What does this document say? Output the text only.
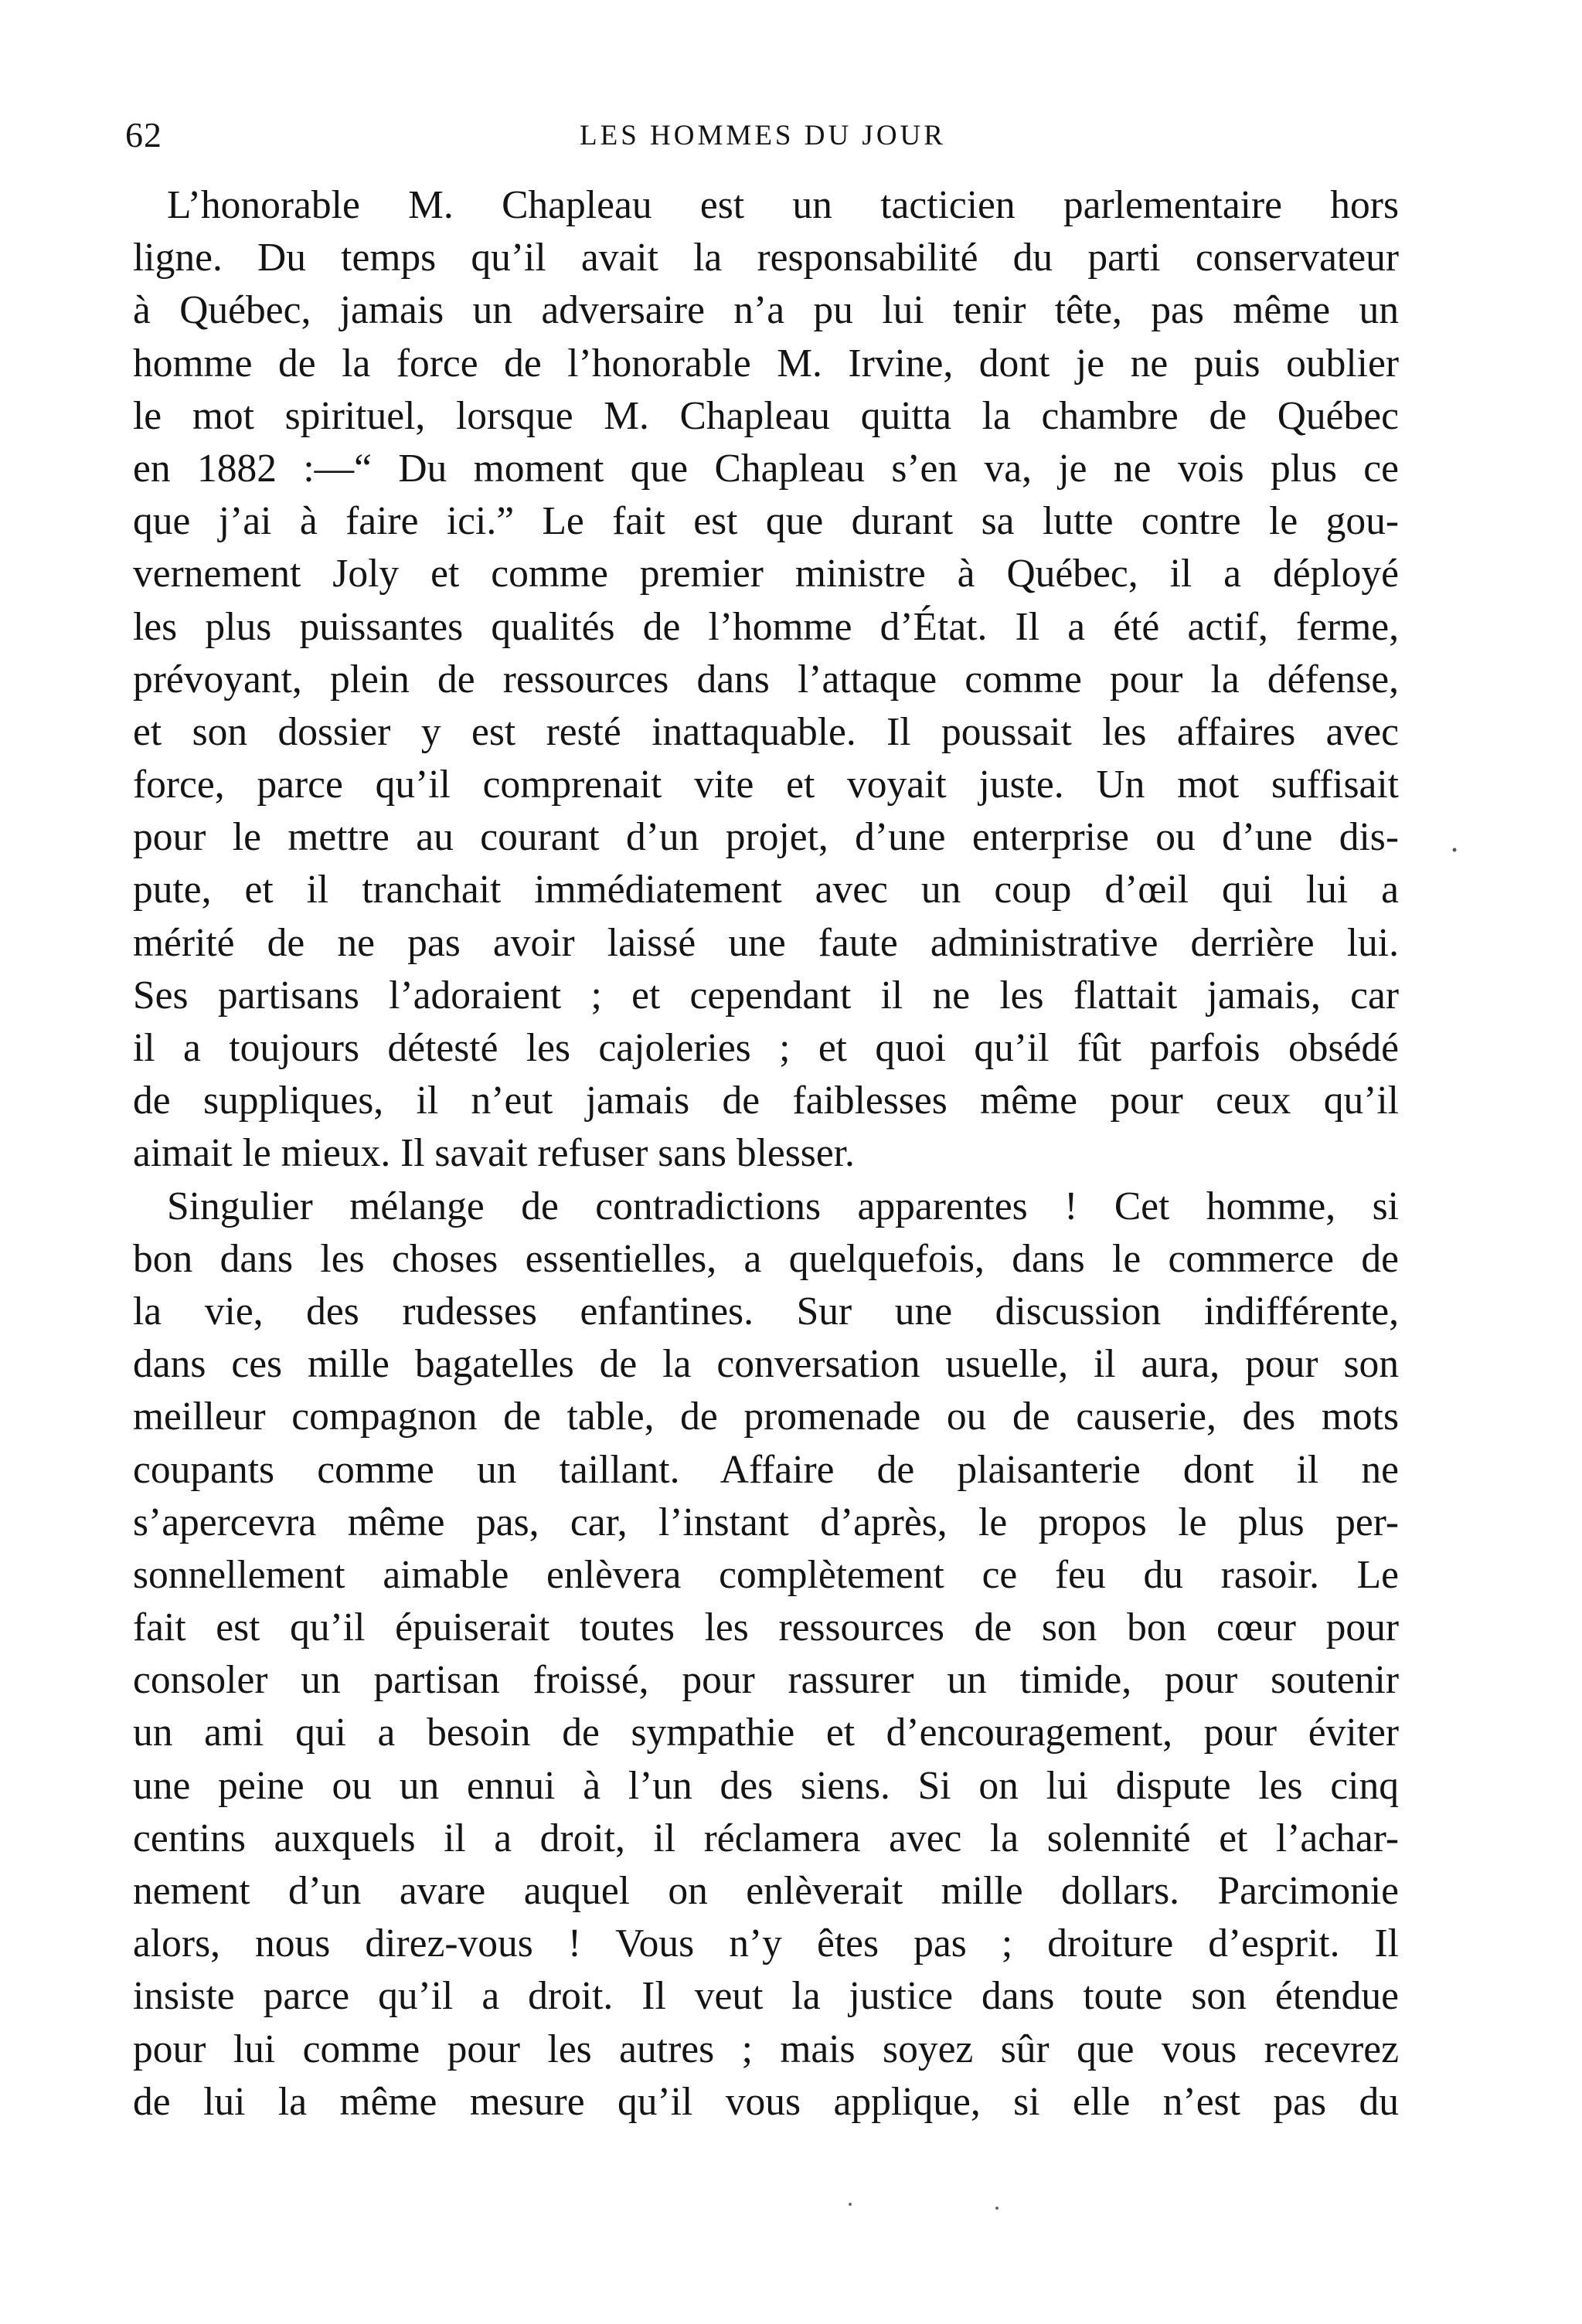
62	LES HOMMES DU JOUR
L’honorable M. Chapleau est un tacticien parlementaire hors
ligne. Du temps qu’il avait la responsabilité du parti conservateur
à Québec, jamais un adversaire n’a pu lui tenir tête, pas même un
homme de la force de l’honorable M. Irvine, dont je ne puis oublier
le mot spirituel, lorsque M. Chapleau quitta la chambre de Québec
en 1882 :—“ Du moment que Chapleau s’en va, je ne vois plus ce
que j’ai à faire ici.” Le fait est que durant sa lutte contre le gou-
vernement Joly et comme premier ministre à Québec, il a déployé
les plus puissantes qualités de l’homme d’État. Il a été actif, ferme,
prévoyant, plein de ressources dans l’attaque comme pour la défense,
et son dossier y est resté inattaquable. Il poussait les affaires avec
force, parce qu’il comprenait vite et voyait juste. Un mot suffisait
pour le mettre au courant d’un projet, d’une enterprise ou d’une dis-
pute, et il tranchait immédiatement avec un coup d’œil qui lui a
mérité de ne pas avoir laissé une faute administrative derrière lui.
Ses partisans l’adoraient ; et cependant il ne les flattait jamais, car
il a toujours détesté les cajoleries ; et quoi qu’il fût parfois obsédé
de suppliques, il n’eut jamais de faiblesses même pour ceux qu’il
aimait le mieux. Il savait refuser sans blesser.
Singulier mélange de contradictions apparentes ! Cet homme, si
bon dans les choses essentielles, a quelquefois, dans le commerce de
la vie, des rudesses enfantines. Sur une discussion indifférente,
dans ces mille bagatelles de la conversation usuelle, il aura, pour son
meilleur compagnon de table, de promenade ou de causerie, des mots
coupants comme un taillant. Affaire de plaisanterie dont il ne
s’apercevra même pas, car, l’instant d’après, le propos le plus per-
sonnellement aimable enlèvera complètement ce feu du rasoir. Le
fait est qu’il épuiserait toutes les ressources de son bon cœur pour
consoler un partisan froissé, pour rassurer un timide, pour soutenir
un ami qui a besoin de sympathie et d’encouragement, pour éviter
une peine ou un ennui à l’un des siens. Si on lui dispute les cinq
centins auxquels il a droit, il réclamera avec la solennité et l’achar-
nement d’un avare auquel on enlèverait mille dollars. Parcimonie
alors, nous direz-vous ! Vous n’y êtes pas ; droiture d’esprit. Il
insiste parce qu’il a droit. Il veut la justice dans toute son étendue
pour lui comme pour les autres ; mais soyez sûr que vous recevrez
de lui la même mesure qu’il vous applique, si elle n’est pas du
